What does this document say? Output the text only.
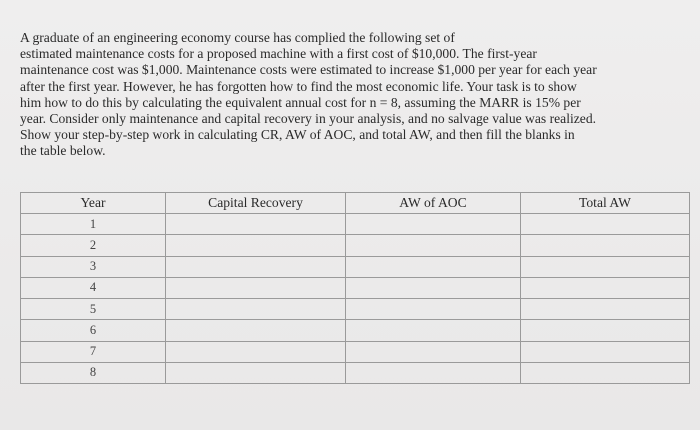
A graduate of an engineering economy course has complied the following set of
estimated maintenance costs for a proposed machine with a first cost of $10,000. The first-year
maintenance cost was $1,000. Maintenance costs were estimated to increase $1,000 per year for each year
after the first year. However, he has forgotten how to find the most economic life. Your task is to show
him how to do this by calculating the equivalent annual cost for n = 8, assuming the MARR is 15% per
year. Consider only maintenance and capital recovery in your analysis, and no salvage value was realized.
Show your step-by-step work in calculating CR, AW of AOC, and total AW, and then fill the blanks in
the table below.
Year	Capital Recovery	AW of AOC	Total AW
1			
2			
3			
4			
5			
6			
7			
8			
